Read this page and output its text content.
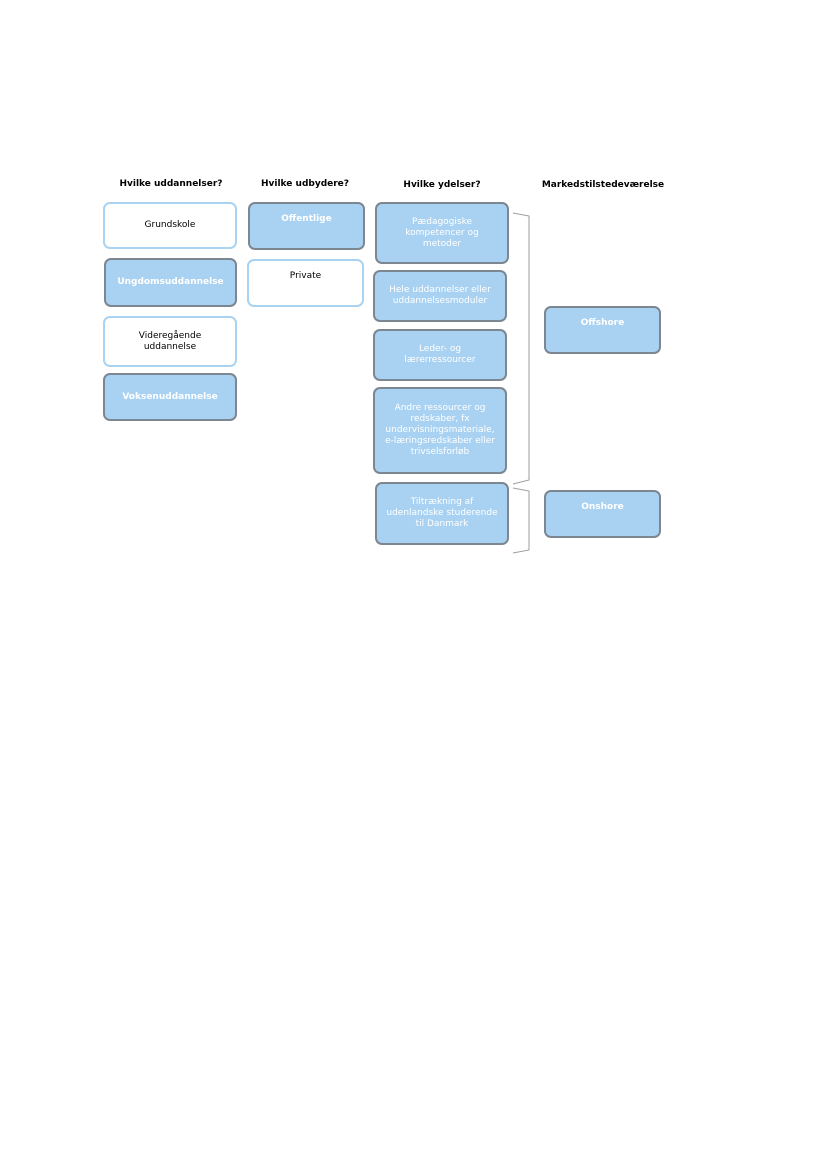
Hvilke uddannelser?	Hvilke udbydere?	Hvilke ydelser?	Markedstilstedeværelse
Grundskole
Ungdomsuddannelse
Videregående uddannelse
Voksenuddannelse
Offentlige
Private
Pædagogiske kompetencer og metoder
Hele uddannelser eller uddannelsesmoduler
Leder- og lærerressourcer
Andre ressourcer og redskaber, fx undervisningsmateriale, e-læringsredskaber eller trivselsforløb
Tiltrækning af udenlandske studerende til Danmark
Offshore
Onshore
